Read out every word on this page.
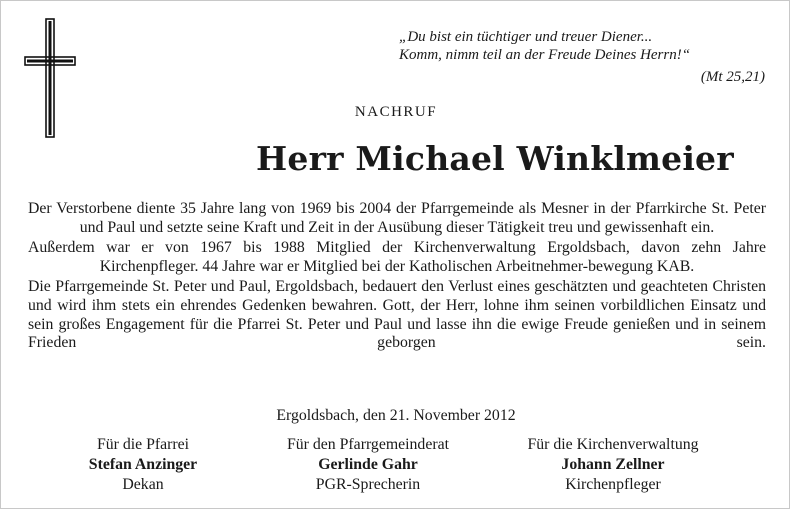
„Du bist ein tüchtiger und treuer Diener...
Komm, nimm teil an der Freude Deines Herrn!“
(Mt 25,21)
NACHRUF
Herr Michael Winklmeier

Der Verstorbene diente 35 Jahre lang von 1969 bis 2004 der Pfarrgemeinde als Mesner in der Pfarrkirche St. Peter und Paul und setzte seine Kraft und Zeit in der Ausübung dieser Tätigkeit treu und gewissenhaft ein.

Außerdem war er von 1967 bis 1988 Mitglied der Kirchenverwaltung Ergoldsbach, davon zehn Jahre Kirchenpfleger. 44 Jahre war er Mitglied bei der Katholischen Arbeitnehmer-bewegung KAB.

Die Pfarrgemeinde St. Peter und Paul, Ergoldsbach, bedauert den Verlust eines geschätzten und geachteten Christen und wird ihm stets ein ehrendes Gedenken bewahren. Gott, der Herr, lohne ihm seinen vorbildlichen Einsatz und sein großes Engagement für die Pfarrei St. Peter und Paul und lasse ihn die ewige Freude genießen und in seinem Frieden geborgen sein.

Ergoldsbach, den 21. November 2012
Für die Pfarrei
Stefan Anzinger
Dekan
Für den Pfarrgemeinderat
Gerlinde Gahr
PGR-Sprecherin
Für die Kirchenverwaltung
Johann Zellner
Kirchenpfleger
